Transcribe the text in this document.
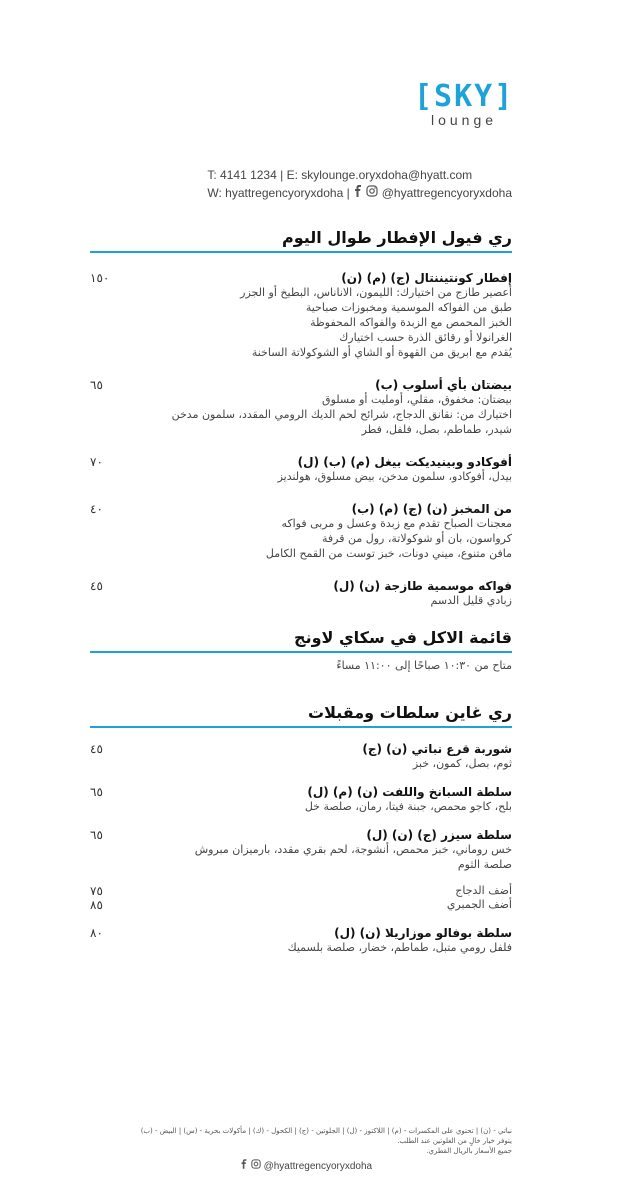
[SKY]
lounge
T: 4141 1234 | E: skylounge.oryxdoha@hyatt.com
W: hyattregencyoryxdoha |	@hyattregencyoryxdoha
ري فيول الإفطار طوال اليوم
إفطار كونتيننتال (ج) (م) (ن)
١٥٠
أعصير طازج من اختيارك: الليمون، الاناناس، البطيخ أو الجزر
طبق من الفواكه الموسمية ومخبوزات صباحية
الخبز المحمص مع الزبدة والفواكه المحفوظة
الغرانولا أو رقائق الذرة حسب اختيارك
يُقدم مع ابريق من القهوة أو الشاي أو الشوكولاتة الساخنة
بيضتان بأي أسلوب (ب)
٦٥
بيضتان: مخفوق، مقلي، أومليت أو مسلوق
اختيارك من: نقانق الدجاج، شرائح لحم الديك الرومي المقدد، سلمون مدخن
شيدر، طماطم، بصل، فلفل، فطر
أفوكادو وبينيديكت بيغل (م) (ب) (ل)
٧٠
بيدل، أفوكادو، سلمون مدخن، بيض مسلوق، هولنديز
من المخبز (ن) (ج) (م) (ب)
٤٠
معجنات الصباح تقدم مع زبدة وعسل و مربى فواكه
كرواسون، بان أو شوكولاتة، رول من قرفة
مافن متنوع، ميني دونات، خبز توست من القمح الكامل
فواكه موسمية طازجة (ن) (ل)
٤٥
زبادي قليل الدسم
قائمة الاكل في سكاي لاونج
متاح من ١٠:٣٠ صباحًا إلى ١١:٠٠ مساءً
ري غاين سلطات ومقبلات
شوربة قرع نباتي (ن) (ج)
٤٥
ثوم، بصل، كمون، خبز
سلطة السبانخ واللفت (ن) (م) (ل)
٦٥
بلح، كاجو محمص، جبنة فيتا، رمان، صلصة خل
سلطة سيزر (ج) (ن) (ل)
٦٥
خس روماني، خبز محمص، أنشوجة، لحم بقري مقدد، بارميزان مبروش
صلصة الثوم
أضف الدجاج
٧٥
أضف الجمبري
٨٥
سلطة بوفالو موزاريلا (ن) (ل)
٨٠
فلفل رومي متبل، طماطم، خضار، صلصة بلسميك
نباتي - (ن) | تحتوي على المكسرات - (م) | اللاكتوز - (ل) | الجلوتين - (ج) | الكحول - (ك) | مأكولات بحرية - (س) | البيض - (ب)
يتوفر خيار خالٍ من الغلوتين عند الطلب.
جميع الأسعار بالريال القطري.
@hyattregencyoryxdoha
